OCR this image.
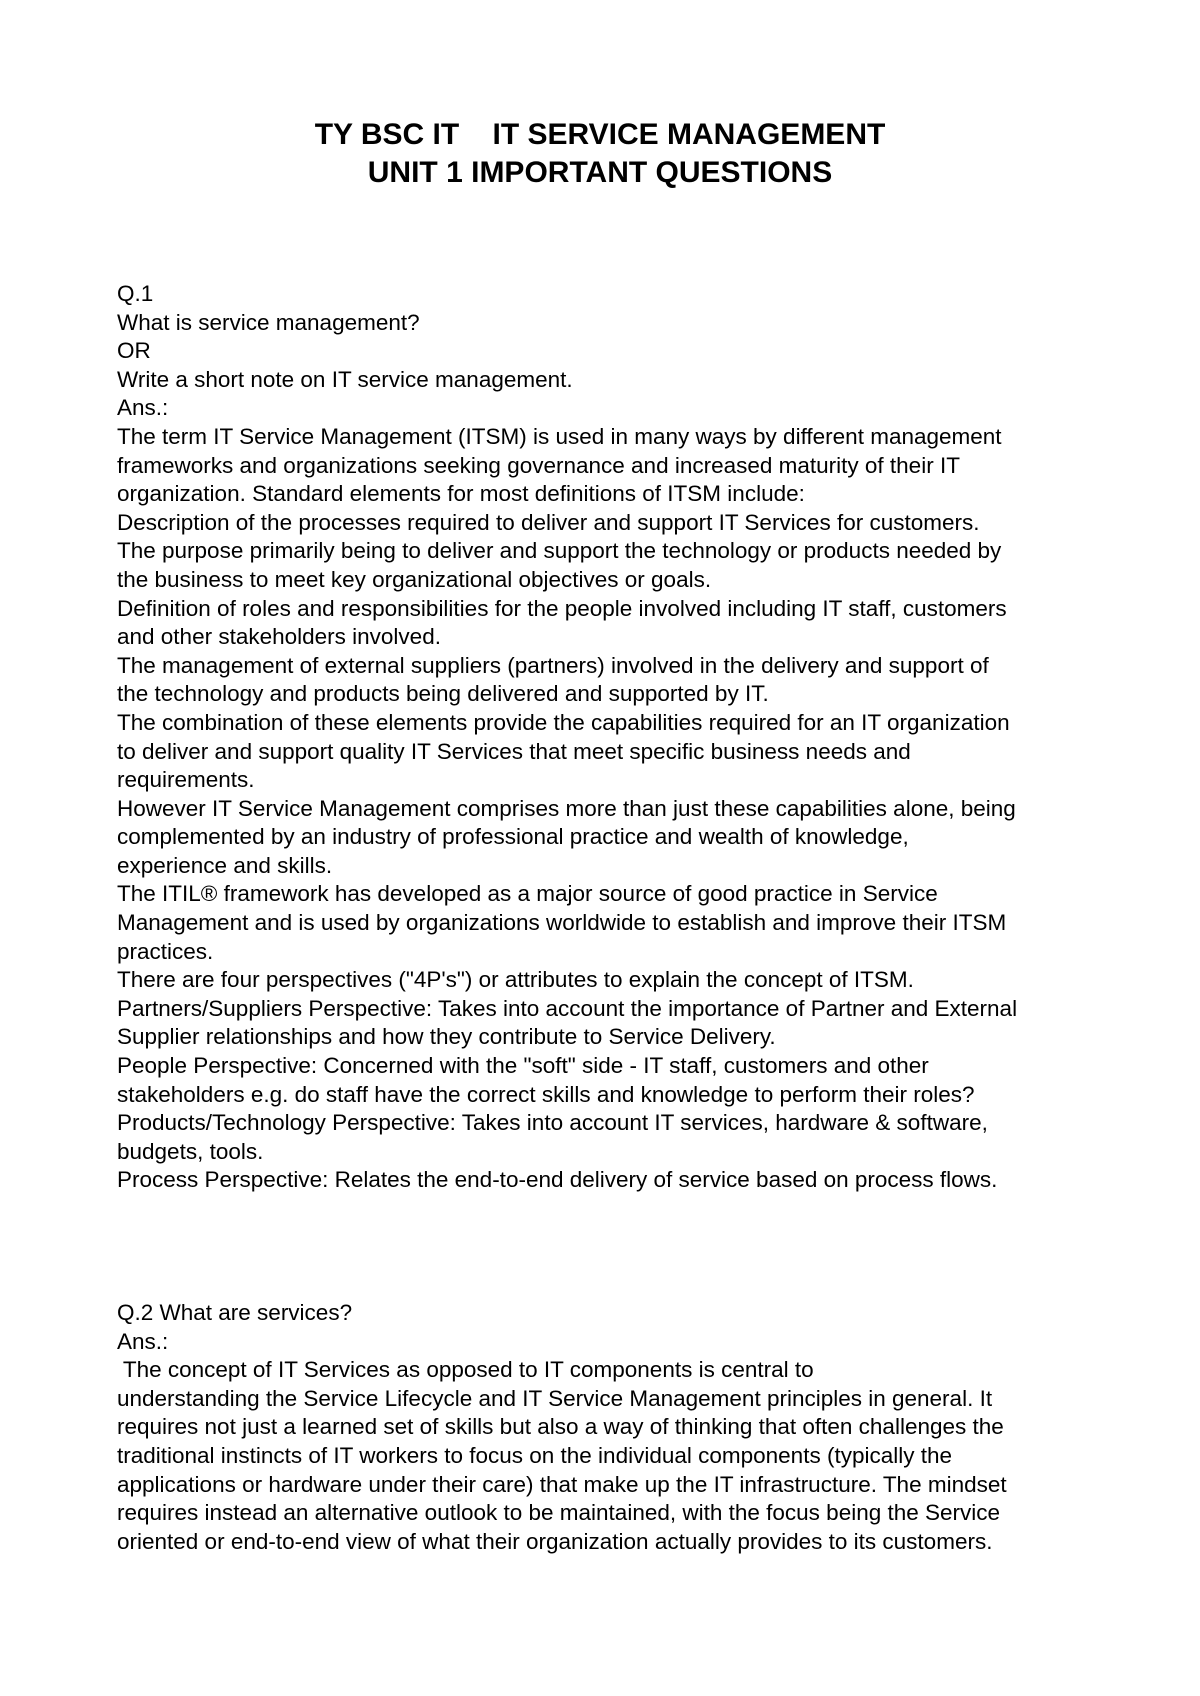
TY BSC IT    IT SERVICE MANAGEMENT
UNIT 1 IMPORTANT QUESTIONS
Q.1
What is service management?
OR
Write a short note on IT service management.
Ans.:
The term IT Service Management (ITSM) is used in many ways by different management
frameworks and organizations seeking governance and increased maturity of their IT
organization. Standard elements for most definitions of ITSM include:
Description of the processes required to deliver and support IT Services for customers.
The purpose primarily being to deliver and support the technology or products needed by
the business to meet key organizational objectives or goals.
Definition of roles and responsibilities for the people involved including IT staff, customers
and other stakeholders involved.
The management of external suppliers (partners) involved in the delivery and support of
the technology and products being delivered and supported by IT.
The combination of these elements provide the capabilities required for an IT organization
to deliver and support quality IT Services that meet specific business needs and
requirements.
However IT Service Management comprises more than just these capabilities alone, being
complemented by an industry of professional practice and wealth of knowledge,
experience and skills.
The ITIL® framework has developed as a major source of good practice in Service
Management and is used by organizations worldwide to establish and improve their ITSM
practices.
There are four perspectives ("4P's") or attributes to explain the concept of ITSM.
Partners/Suppliers Perspective: Takes into account the importance of Partner and External
Supplier relationships and how they contribute to Service Delivery.
People Perspective: Concerned with the "soft" side - IT staff, customers and other
stakeholders e.g. do staff have the correct skills and knowledge to perform their roles?
Products/Technology Perspective: Takes into account IT services, hardware & software,
budgets, tools.
Process Perspective: Relates the end-to-end delivery of service based on process flows.
Q.2 What are services?
Ans.:
The concept of IT Services as opposed to IT components is central to
understanding the Service Lifecycle and IT Service Management principles in general. It
requires not just a learned set of skills but also a way of thinking that often challenges the
traditional instincts of IT workers to focus on the individual components (typically the
applications or hardware under their care) that make up the IT infrastructure. The mindset
requires instead an alternative outlook to be maintained, with the focus being the Service
oriented or end-to-end view of what their organization actually provides to its customers.
